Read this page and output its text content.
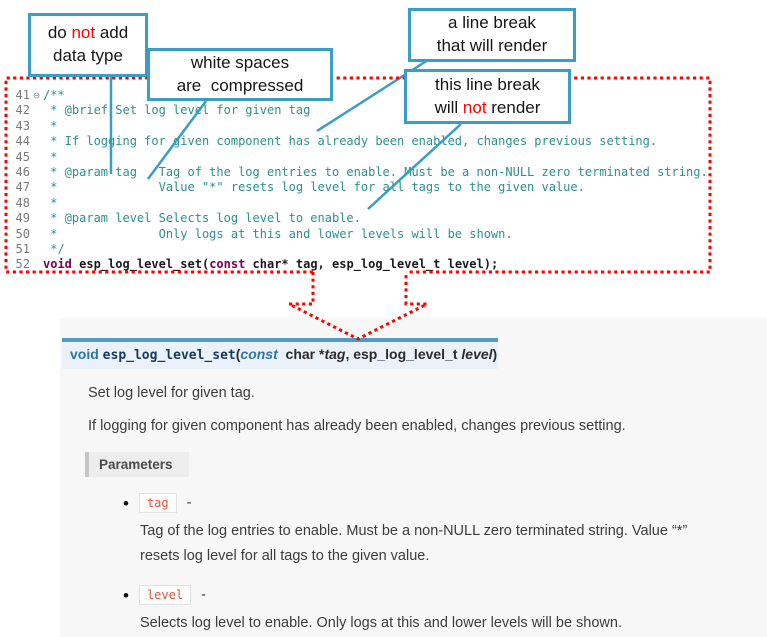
do not add
data type	white spaces
are  compressed
a line break
that will render
this line break
will not render
41 ⊖ /**
42 * @brief Set log level for given tag
43 *
44 * If logging for given component has already been enabled, changes previous setting.
45 *
46 * @param tag   Tag of the log entries to enable. Must be a non-NULL zero terminated string.
47 *              Value "*" resets log level for all tags to the given value.
48 *
49 * @param level Selects log level to enable.
50 *              Only logs at this and lower levels will be shown.
51 */
52 void esp_log_level_set(const char* tag, esp_log_level_t level);
void esp_log_level_set(const  char *tag, esp_log_level_t level)
Set log level for given tag.
If logging for given component has already been enabled, changes previous setting.
Parameters
•	tag	-
Tag of the log entries to enable. Must be a non-NULL zero terminated string. Value “*” resets log level for all tags to the given value.
•	level	-
Selects log level to enable. Only logs at this and lower levels will be shown.
